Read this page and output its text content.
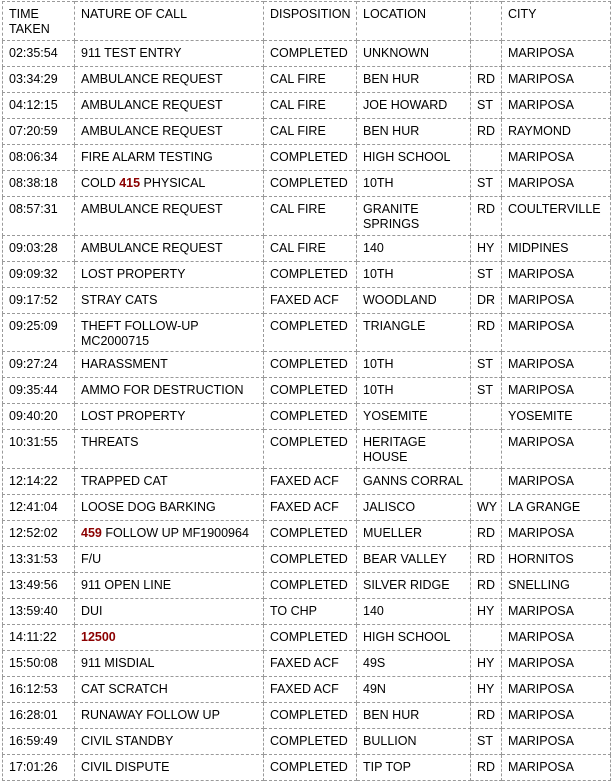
TIME TAKEN	NATURE OF CALL	DISPOSITION	LOCATION		CITY
02:35:54	911 TEST ENTRY	COMPLETED	UNKNOWN		MARIPOSA
03:34:29	AMBULANCE REQUEST	CAL FIRE	BEN HUR	RD	MARIPOSA
04:12:15	AMBULANCE REQUEST	CAL FIRE	JOE HOWARD	ST	MARIPOSA
07:20:59	AMBULANCE REQUEST	CAL FIRE	BEN HUR	RD	RAYMOND
08:06:34	FIRE ALARM TESTING	COMPLETED	HIGH SCHOOL		MARIPOSA
08:38:18	COLD 415 PHYSICAL	COMPLETED	10TH	ST	MARIPOSA
08:57:31	AMBULANCE REQUEST	CAL FIRE	GRANITE
SPRINGS	RD	COULTERVILLE
09:03:28	AMBULANCE REQUEST	CAL FIRE	140	HY	MIDPINES
09:09:32	LOST PROPERTY	COMPLETED	10TH	ST	MARIPOSA
09:17:52	STRAY CATS	FAXED ACF	WOODLAND	DR	MARIPOSA
09:25:09	THEFT FOLLOW-UP
MC2000715	COMPLETED	TRIANGLE	RD	MARIPOSA
09:27:24	HARASSMENT	COMPLETED	10TH	ST	MARIPOSA
09:35:44	AMMO FOR DESTRUCTION	COMPLETED	10TH	ST	MARIPOSA
09:40:20	LOST PROPERTY	COMPLETED	YOSEMITE		YOSEMITE
10:31:55	THREATS	COMPLETED	HERITAGE
HOUSE		MARIPOSA
12:14:22	TRAPPED CAT	FAXED ACF	GANNS CORRAL		MARIPOSA
12:41:04	LOOSE DOG BARKING	FAXED ACF	JALISCO	WY	LA GRANGE
12:52:02	459 FOLLOW UP MF1900964	COMPLETED	MUELLER	RD	MARIPOSA
13:31:53	F/U	COMPLETED	BEAR VALLEY	RD	HORNITOS
13:49:56	911 OPEN LINE	COMPLETED	SILVER RIDGE	RD	SNELLING
13:59:40	DUI	TO CHP	140	HY	MARIPOSA
14:11:22	12500	COMPLETED	HIGH SCHOOL		MARIPOSA
15:50:08	911 MISDIAL	FAXED ACF	49S	HY	MARIPOSA
16:12:53	CAT SCRATCH	FAXED ACF	49N	HY	MARIPOSA
16:28:01	RUNAWAY FOLLOW UP	COMPLETED	BEN HUR	RD	MARIPOSA
16:59:49	CIVIL STANDBY	COMPLETED	BULLION	ST	MARIPOSA
17:01:26	CIVIL DISPUTE	COMPLETED	TIP TOP	RD	MARIPOSA
